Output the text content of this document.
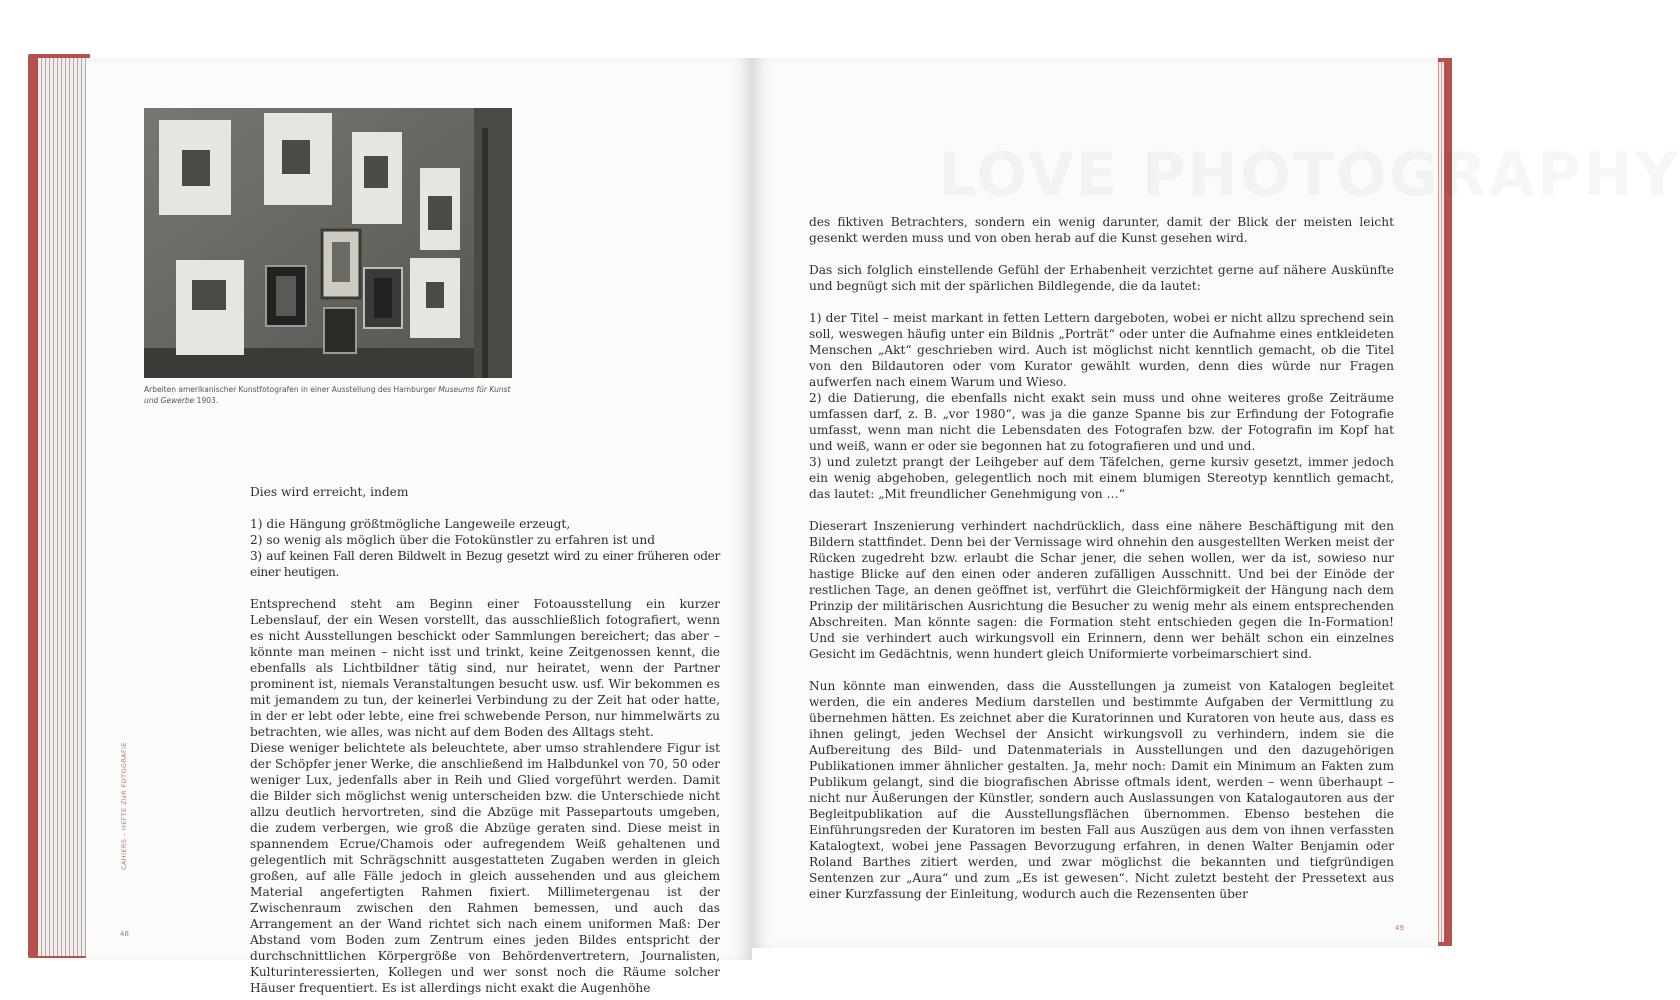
Arbeiten amerikanischer Kunstfotografen in einer Ausstellung des Hamburger Museums für Kunst und Gewerbe 1903.

Dies wird erreicht, indem

1) die Hängung größtmögliche Langeweile erzeugt,

2) so wenig als möglich über die Fotokünstler zu erfahren ist und

3) auf keinen Fall deren Bildwelt in Bezug gesetzt wird zu einer früheren oder einer heutigen.

Entsprechend steht am Beginn einer Fotoausstellung ein kurzer Lebenslauf, der ein Wesen vorstellt, das ausschließlich fotografiert, wenn es nicht Ausstellungen beschickt oder Sammlungen bereichert; das aber – könnte man meinen – nicht isst und trinkt, keine Zeitgenossen kennt, die ebenfalls als Lichtbildner tätig sind, nur heiratet, wenn der Partner prominent ist, niemals Veranstaltungen besucht usw. usf. Wir bekommen es mit jemandem zu tun, der keinerlei Verbindung zu der Zeit hat oder hatte, in der er lebt oder lebte, eine frei schwebende Person, nur himmelwärts zu betrachten, wie alles, was nicht auf dem Boden des Alltags steht.

Diese weniger belichtete als beleuchtete, aber umso strahlendere Figur ist der Schöpfer jener Werke, die anschließend im Halbdunkel von 70, 50 oder weniger Lux, jedenfalls aber in Reih und Glied vorgeführt werden. Damit die Bilder sich möglichst wenig unterscheiden bzw. die Unterschiede nicht allzu deutlich hervortreten, sind die Abzüge mit Passepartouts umgeben, die zudem verbergen, wie groß die Abzüge geraten sind. Diese meist in spannendem Ecrue/Chamois oder aufregendem Weiß gehaltenen und gelegentlich mit Schrägschnitt ausgestatteten Zugaben werden in gleich großen, auf alle Fälle jedoch in gleich aussehenden und aus gleichem Material angefertigten Rahmen fixiert. Millimetergenau ist der Zwischenraum zwischen den Rahmen bemessen, und auch das Arrangement an der Wand richtet sich nach einem uniformen Maß: Der Abstand vom Boden zum Zentrum eines jeden Bildes entspricht der durchschnittlichen Körpergröße von Behördenvertretern, Journalisten, Kulturinteressierten, Kollegen und wer sonst noch die Räume solcher Häuser frequentiert. Es ist allerdings nicht exakt die Augenhöhe

CAHIERS – HEFTE ZUR FOTOGRAFIE
48

des fiktiven Betrachters, sondern ein wenig darunter, damit der Blick der meisten leicht gesenkt werden muss und von oben herab auf die Kunst gesehen wird.

Das sich folglich einstellende Gefühl der Erhabenheit verzichtet gerne auf nähere Auskünfte und begnügt sich mit der spärlichen Bildlegende, die da lautet:

1) der Titel – meist markant in fetten Lettern dargeboten, wobei er nicht allzu sprechend sein soll, weswegen häufig unter ein Bildnis „Porträt“ oder unter die Aufnahme eines entkleideten Menschen „Akt“ geschrieben wird. Auch ist möglichst nicht kenntlich gemacht, ob die Titel von den Bildautoren oder vom Kurator gewählt wurden, denn dies würde nur Fragen aufwerfen nach einem Warum und Wieso.

2) die Datierung, die ebenfalls nicht exakt sein muss und ohne weiteres große Zeiträume umfassen darf, z. B. „vor 1980“, was ja die ganze Spanne bis zur Erfindung der Fotografie umfasst, wenn man nicht die Lebensdaten des Fotografen bzw. der Fotografin im Kopf hat und weiß, wann er oder sie begonnen hat zu fotografieren und und und.

3) und zuletzt prangt der Leihgeber auf dem Täfelchen, gerne kursiv gesetzt, immer jedoch ein wenig abgehoben, gelegentlich noch mit einem blumigen Stereotyp kenntlich gemacht, das lautet: „Mit freundlicher Genehmigung von …“

Dieserart Inszenierung verhindert nachdrücklich, dass eine nähere Beschäftigung mit den Bildern stattfindet. Denn bei der Vernissage wird ohnehin den ausgestellten Werken meist der Rücken zugedreht bzw. erlaubt die Schar jener, die sehen wollen, wer da ist, sowieso nur hastige Blicke auf den einen oder anderen zufälligen Ausschnitt. Und bei der Einöde der restlichen Tage, an denen geöffnet ist, verführt die Gleichförmigkeit der Hängung nach dem Prinzip der militärischen Ausrichtung die Besucher zu wenig mehr als einem entsprechenden Abschreiten. Man könnte sagen: die Formation steht entschieden gegen die In-Formation! Und sie verhindert auch wirkungsvoll ein Erinnern, denn wer behält schon ein einzelnes Gesicht im Gedächtnis, wenn hundert gleich Uniformierte vorbeimarschiert sind.

Nun könnte man einwenden, dass die Ausstellungen ja zumeist von Katalogen begleitet werden, die ein anderes Medium darstellen und bestimmte Aufgaben der Vermittlung zu übernehmen hätten. Es zeichnet aber die Kuratorinnen und Kuratoren von heute aus, dass es ihnen gelingt, jeden Wechsel der Ansicht wirkungsvoll zu verhindern, indem sie die Aufbereitung des Bild- und Datenmaterials in Ausstellungen und den dazugehörigen Publikationen immer ähnlicher gestalten. Ja, mehr noch: Damit ein Minimum an Fakten zum Publikum gelangt, sind die biografischen Abrisse oftmals ident, werden – wenn überhaupt – nicht nur Äußerungen der Künstler, sondern auch Auslassungen von Katalogautoren aus der Begleitpublikation auf die Ausstellungsflächen übernommen. Ebenso bestehen die Einführungsreden der Kuratoren im besten Fall aus Auszügen aus dem von ihnen verfassten Katalogtext, wobei jene Passagen Bevorzugung erfahren, in denen Walter Benjamin oder Roland Barthes zitiert werden, und zwar möglichst die bekannten und tiefgründigen Sentenzen zur „Aura“ und zum „Es ist gewesen“. Nicht zuletzt besteht der Pressetext aus einer Kurzfassung der Einleitung, wodurch auch die Rezensenten über

49
